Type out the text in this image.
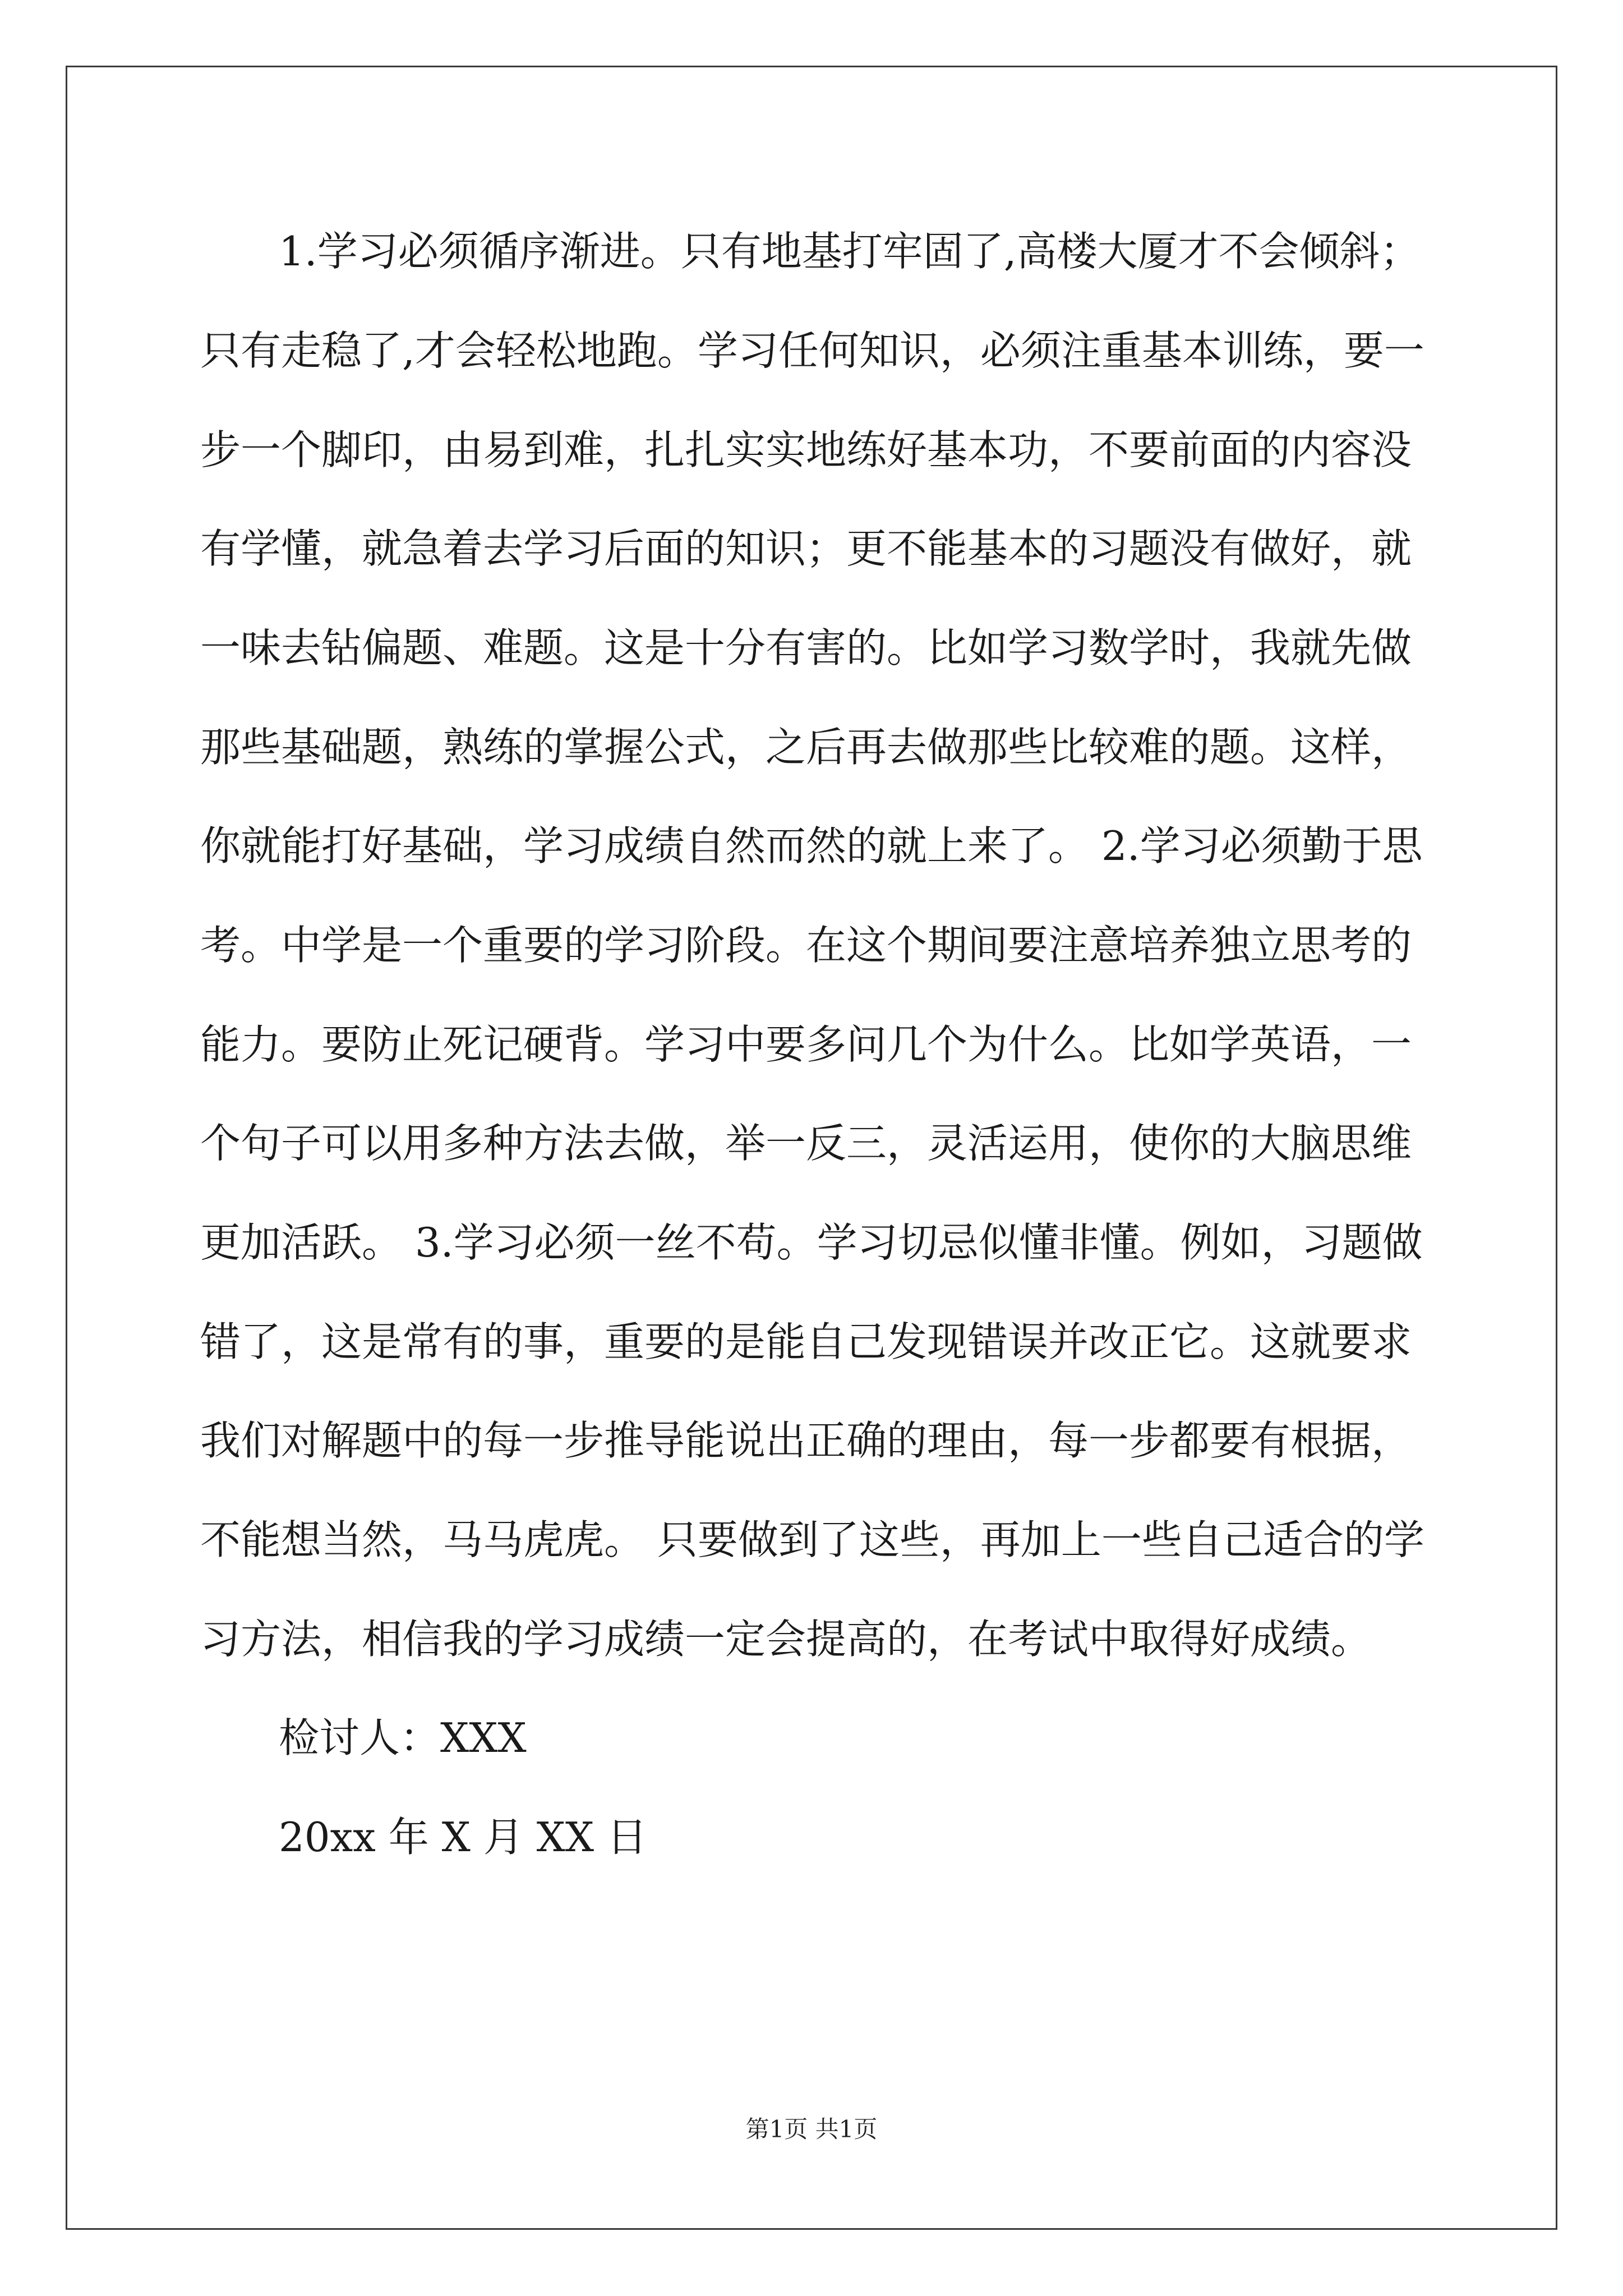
1.学习必须循序渐进。只有地基打牢固了,高楼大厦才不会倾斜；
只有走稳了,才会轻松地跑。学习任何知识，必须注重基本训练，要一
步一个脚印，由易到难，扎扎实实地练好基本功，不要前面的内容没
有学懂，就急着去学习后面的知识；更不能基本的习题没有做好，就
一味去钻偏题、难题。这是十分有害的。比如学习数学时，我就先做
那些基础题，熟练的掌握公式，之后再去做那些比较难的题。这样，
你就能打好基础，学习成绩自然而然的就上来了。 2.学习必须勤于思
考。中学是一个重要的学习阶段。在这个期间要注意培养独立思考的
能力。要防止死记硬背。学习中要多问几个为什么。比如学英语，一
个句子可以用多种方法去做，举一反三，灵活运用，使你的大脑思维
更加活跃。 3.学习必须一丝不苟。学习切忌似懂非懂。例如，习题做
错了，这是常有的事，重要的是能自己发现错误并改正它。这就要求
我们对解题中的每一步推导能说出正确的理由，每一步都要有根据，
不能想当然，马马虎虎。 只要做到了这些，再加上一些自己适合的学
习方法，相信我的学习成绩一定会提高的，在考试中取得好成绩。
检讨人：XXX
20xx 年 X 月 XX 日
第1页 共1页
